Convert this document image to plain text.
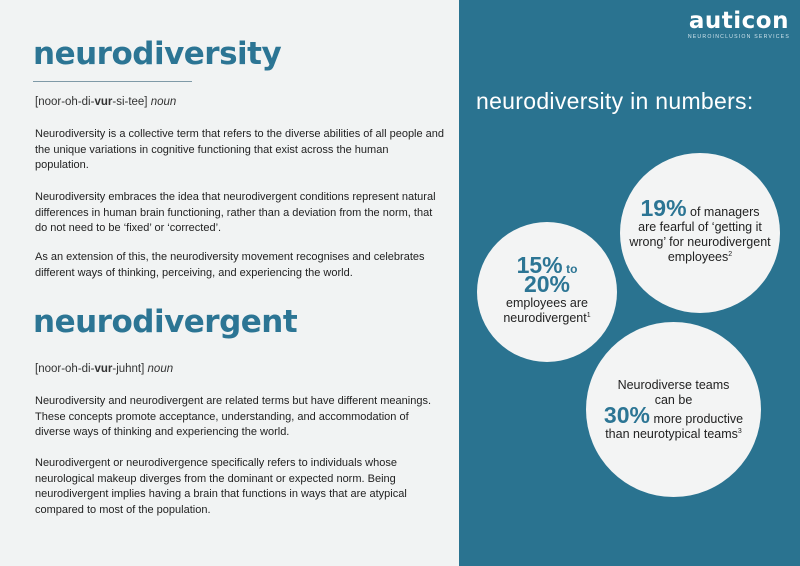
neurodiversity
[noor-oh-di-vur-si-tee] noun

Neurodiversity is a collective term that refers to the diverse abilities of all people and the unique variations in cognitive functioning that exist across the human population.

Neurodiversity embraces the idea that neurodivergent conditions represent natural differences in human brain functioning, rather than a deviation from the norm, that do not need to be ‘fixed’ or ‘corrected’.

As an extension of this, the neurodiversity movement recognises and celebrates different ways of thinking, perceiving, and experiencing the world.

neurodivergent
[noor-oh-di-vur-juhnt] noun

Neurodiversity and neurodivergent are related terms but have different meanings. These concepts promote acceptance, understanding, and accommodation of diverse ways of thinking and experiencing the world.

Neurodivergent or neurodivergence specifically refers to individuals whose neurological makeup diverges from the dominant or expected norm. Being neurodivergent implies having a brain that functions in ways that are atypical compared to most of the population.

auticon
NEUROINCLUSION SERVICES
neurodiversity in numbers:
15% to
20%
employees are
neurodivergent$^1$
19% of managers
are fearful of ‘getting it
wrong’ for neurodivergent
employees$^2$
Neurodiverse teams
can be
30% more productive
than neurotypical teams$^3$
